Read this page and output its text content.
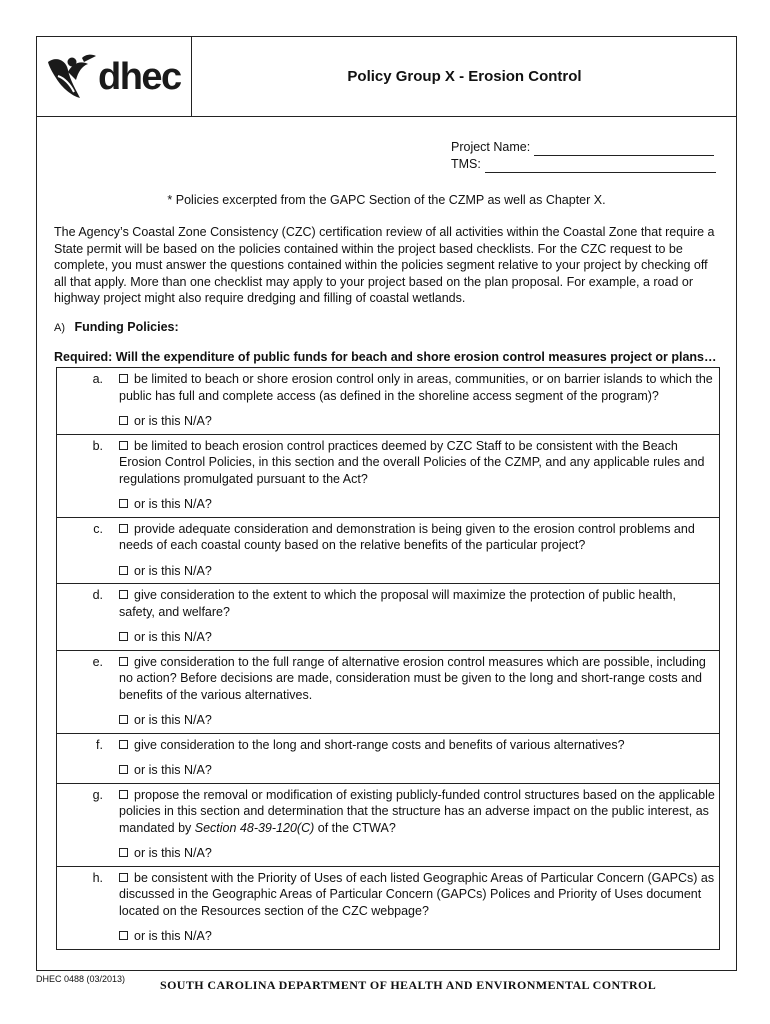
dhec	Policy Group X - Erosion Control
Project Name:
TMS:
* Policies excerpted from the GAPC Section of the CZMP as well as Chapter X.
The Agency’s Coastal Zone Consistency (CZC) certification review of all activities within the Coastal Zone that require a State permit will be based on the policies contained within the project based checklists. For the CZC request to be complete, you must answer the questions contained within the policies segment relative to your project by checking off all that apply. More than one checklist may apply to your project based on the plan proposal. For example, a road or highway project might also require dredging and filling of coastal wetlands.
A) Funding Policies:
Required: Will the expenditure of public funds for beach and shore erosion control measures project or plans…
a.	be limited to beach or shore erosion control only in areas, communities, or on barrier islands to which the public has full and complete access (as defined in the shoreline access segment of the program)?

or is this N/A?
b.	be limited to beach erosion control practices deemed by CZC Staff to be consistent with the Beach Erosion Control Policies, in this section and the overall Policies of the CZMP, and any applicable rules and regulations promulgated pursuant to the Act?

or is this N/A?
c.	provide adequate consideration and demonstration is being given to the erosion control problems and needs of each coastal county based on the relative benefits of the particular project?

or is this N/A?
d.	give consideration to the extent to which the proposal will maximize the protection of public health, safety, and welfare?

or is this N/A?
e.	give consideration to the full range of alternative erosion control measures which are possible, including no action? Before decisions are made, consideration must be given to the long and short-range costs and benefits of the various alternatives.

or is this N/A?
f.	give consideration to the long and short-range costs and benefits of various alternatives?

or is this N/A?
g.	propose the removal or modification of existing publicly-funded control structures based on the applicable policies in this section and determination that the structure has an adverse impact on the public interest, as mandated by Section 48-39-120(C) of the CTWA?

or is this N/A?
h.	be consistent with the Priority of Uses of each listed Geographic Areas of Particular Concern (GAPCs) as discussed in the Geographic Areas of Particular Concern (GAPCs) Polices and Priority of Uses document located on the Resources section of the CZC webpage?

or is this N/A?
DHEC 0488 (03/2013)	SOUTH CAROLINA DEPARTMENT OF HEALTH AND ENVIRONMENTAL CONTROL
